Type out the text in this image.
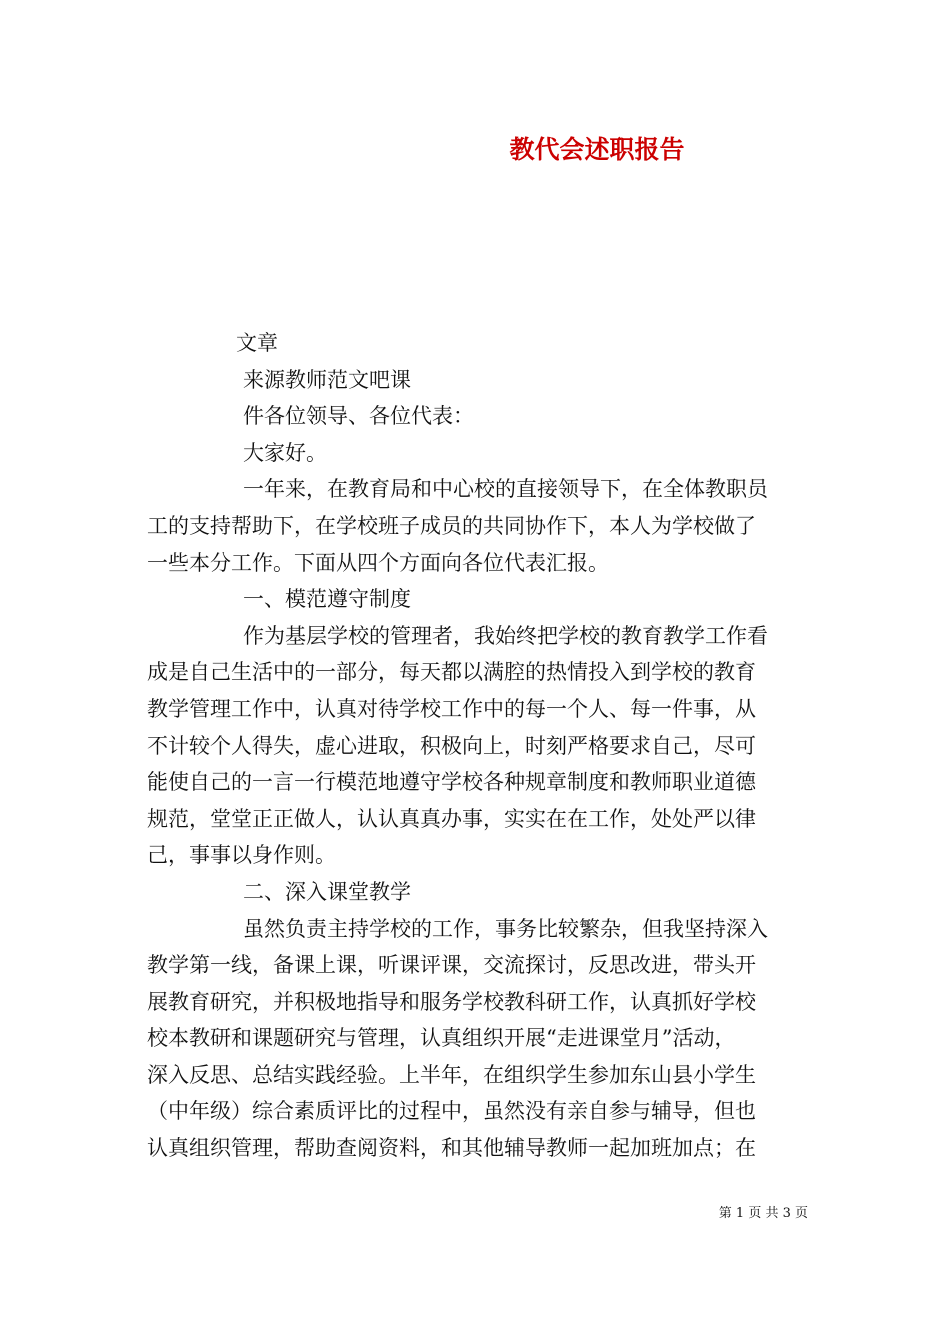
教代会述职报告

文章

来源教师范文吧课

件各位领导、各位代表：

大家好。

一年来，在教育局和中心校的直接领导下，在全体教职员

工的支持帮助下，在学校班子成员的共同协作下，本人为学校做了

一些本分工作。下面从四个方面向各位代表汇报。

一、模范遵守制度

作为基层学校的管理者，我始终把学校的教育教学工作看

成是自己生活中的一部分，每天都以满腔的热情投入到学校的教育

教学管理工作中，认真对待学校工作中的每一个人、每一件事，从

不计较个人得失，虚心进取，积极向上，时刻严格要求自己，尽可

能使自己的一言一行模范地遵守学校各种规章制度和教师职业道德

规范，堂堂正正做人，认认真真办事，实实在在工作，处处严以律

己，事事以身作则。

二、深入课堂教学

虽然负责主持学校的工作，事务比较繁杂，但我坚持深入

教学第一线，备课上课，听课评课，交流探讨，反思改进，带头开

展教育研究，并积极地指导和服务学校教科研工作，认真抓好学校

校本教研和课题研究与管理，认真组织开展“走进课堂月”活动，

深入反思、总结实践经验。上半年，在组织学生参加东山县小学生

（中年级）综合素质评比的过程中，虽然没有亲自参与辅导，但也

认真组织管理，帮助查阅资料，和其他辅导教师一起加班加点；在

第 1 页 共 3 页
